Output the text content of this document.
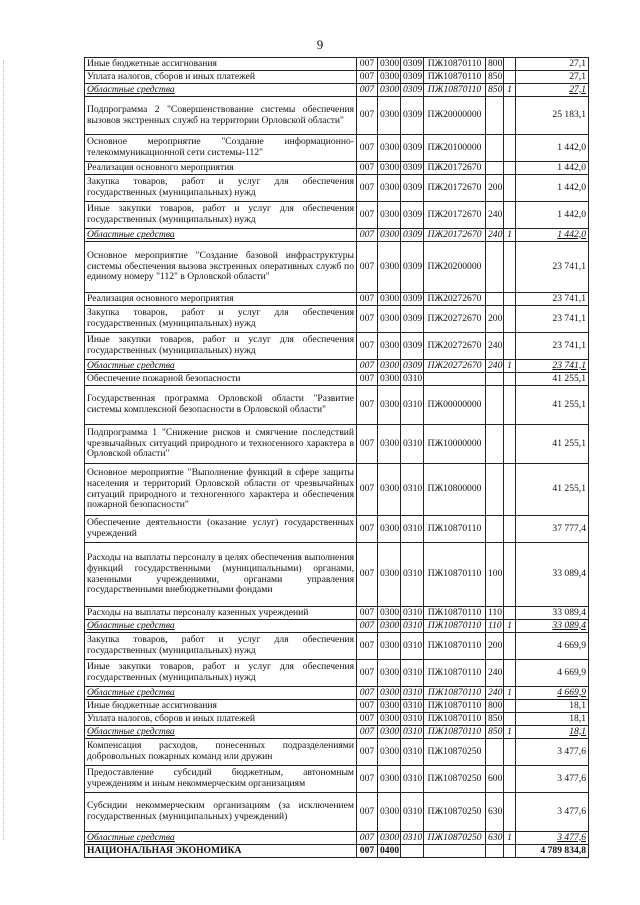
9
Иные бюджетные ассигнования	007	0300	0309	ПЖ10870110	800		27,1
Уплата налогов, сборов и иных платежей	007	0300	0309	ПЖ10870110	850		27,1
Областные средства	007	0300	0309	ПЖ10870110	850	1	27,1
Подпрограмма 2 "Совершенствование системы обеспечения вызовов экстренных служб на территории Орловской области"	007	0300	0309	ПЖ20000000			25 183,1
Основное мероприятие "Создание информационно-телекоммуникационной сети системы-112"	007	0300	0309	ПЖ20100000			1 442,0
Реализация основного мероприятия	007	0300	0309	ПЖ20172670			1 442,0
Закупка товаров, работ и услуг для обеспечения государственных (муниципальных) нужд	007	0300	0309	ПЖ20172670	200		1 442,0
Иные закупки товаров, работ и услуг для обеспечения государственных (муниципальных) нужд	007	0300	0309	ПЖ20172670	240		1 442,0
Областные средства	007	0300	0309	ПЖ20172670	240	1	1 442,0
Основное мероприятие "Создание базовой инфраструктуры системы обеспечения вызова экстренных оперативных служб по единому номеру "112" в Орловской области"	007	0300	0309	ПЖ20200000			23 741,1
Реализация основного мероприятия	007	0300	0309	ПЖ20272670			23 741,1
Закупка товаров, работ и услуг для обеспечения государственных (муниципальных) нужд	007	0300	0309	ПЖ20272670	200		23 741,1
Иные закупки товаров, работ и услуг для обеспечения государственных (муниципальных) нужд	007	0300	0309	ПЖ20272670	240		23 741,1
Областные средства	007	0300	0309	ПЖ20272670	240	1	23 741,1
Обеспечение пожарной безопасности	007	0300	0310				41 255,1
Государственная программа Орловской области "Развитие системы комплексной безопасности в Орловской области"	007	0300	0310	ПЖ00000000			41 255,1
Подпрограмма 1 "Снижение рисков и смягчение последствий чрезвычайных ситуаций природного и техногенного характера в Орловской области"	007	0300	0310	ПЖ10000000			41 255,1
Основное мероприятие "Выполнение функций в сфере защиты населения и территорий Орловской области от чрезвычайных ситуаций природного и техногенного характера и обеспечения пожарной безопасности"	007	0300	0310	ПЖ10800000			41 255,1
Обеспечение деятельности (оказание услуг) государственных учреждений	007	0300	0310	ПЖ10870110			37 777,4
Расходы на выплаты персоналу в целях обеспечения выполнения функций государственными (муниципальными) органами, казенными учреждениями, органами управления государственными внебюджетными фондами	007	0300	0310	ПЖ10870110	100		33 089,4
Расходы на выплаты персоналу казенных учреждений	007	0300	0310	ПЖ10870110	110		33 089,4
Областные средства	007	0300	0310	ПЖ10870110	110	1	33 089,4
Закупка товаров, работ и услуг для обеспечения государственных (муниципальных) нужд	007	0300	0310	ПЖ10870110	200		4 669,9
Иные закупки товаров, работ и услуг для обеспечения государственных (муниципальных) нужд	007	0300	0310	ПЖ10870110	240		4 669,9
Областные средства	007	0300	0310	ПЖ10870110	240	1	4 669,9
Иные бюджетные ассигнования	007	0300	0310	ПЖ10870110	800		18,1
Уплата налогов, сборов и иных платежей	007	0300	0310	ПЖ10870110	850		18,1
Областные средства	007	0300	0310	ПЖ10870110	850	1	18,1
Компенсация расходов, понесенных подразделениями добровольных пожарных команд или дружин	007	0300	0310	ПЖ10870250			3 477,6
Предоставление субсидий бюджетным, автономным учреждениям и иным некоммерческим организациям	007	0300	0310	ПЖ10870250	600		3 477,6
Субсидии некоммерческим организациям (за исключением государственных (муниципальных) учреждений)	007	0300	0310	ПЖ10870250	630		3 477,6
Областные средства	007	0300	0310	ПЖ10870250	630	1	3 477,6
НАЦИОНАЛЬНАЯ ЭКОНОМИКА	007	0400					4 789 834,8
